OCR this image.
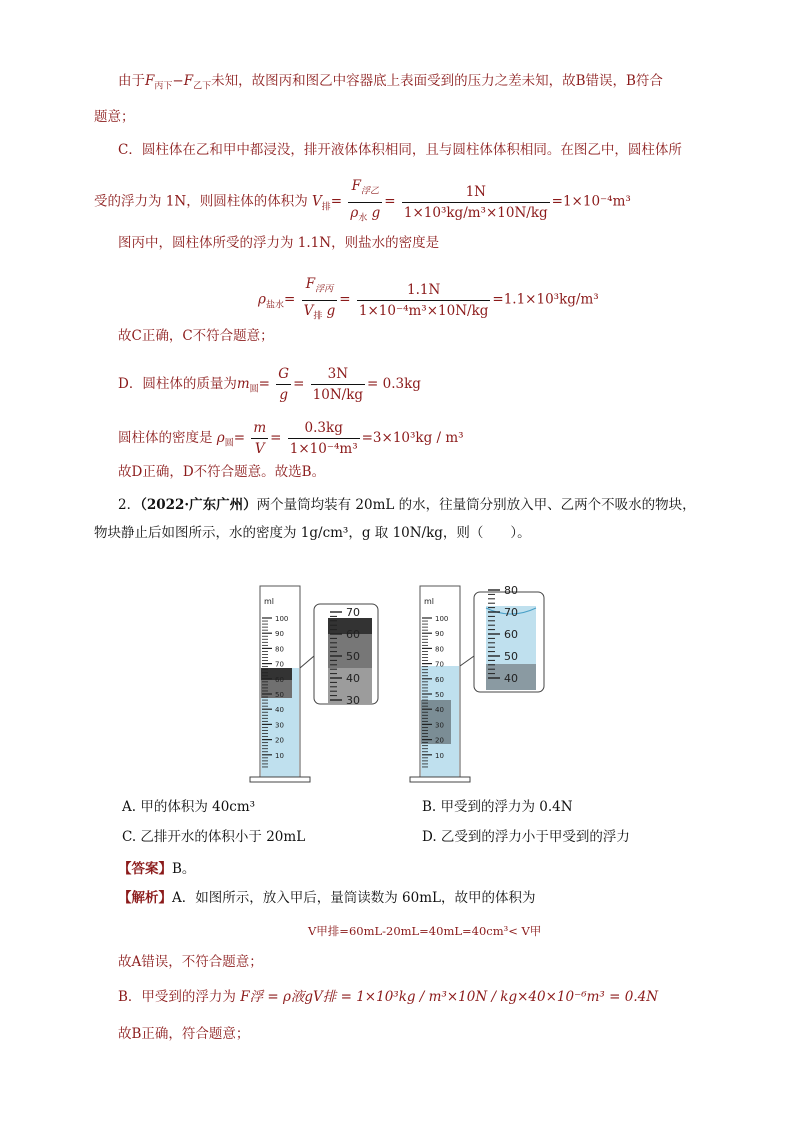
由于$F_{丙下}-F_{乙下}$未知，故图丙和图乙中容器底上表面受到的压力之差未知，故B错误，B符合
题意；
C．圆柱体在乙和甲中都浸没，排开液体体积相同，且与圆柱体体积相同。在图乙中，圆柱体所
受的浮力为 1N，则圆柱体的体积为 $V_排= \frac{F_{浮乙}}{\rho_水 g} = \frac{1N}{\text{1×10³kg/m³×10N/kg}} =1\times 10^{-4}m^3$
图丙中，圆柱体所受的浮力为 1.1N，则盐水的密度是
$\rho_{盐水}= \frac{F_{浮丙}}{V_排 g} = \frac{1.1N}{\text{1×10⁻⁴m³×10N/kg}} =1.1\times 10^3kg/m^3$
故C正确，C不符合题意；
D．圆柱体的质量为$m_圆= \frac{G}{g} = \frac{3N}{10N/kg} = 0.3kg$
圆柱体的密度是 $\rho_圆= \frac{m}{V} = \frac{0.3kg}{\text{1×10⁻⁴m³}} =3\times 10^3kg / m^3$
故D正确，D不符合题意。故选B。
2．（2022·广东广州）两个量筒均装有 20mL 的水，往量筒分别放入甲、乙两个不吸水的物块，
物块静止后如图所示，水的密度为 1g/cm³，g 取 10N/kg，则（　　）。
ml
100
90
80
70
60
50
40
30
20
10
70
60
50
40
30
ml
100
90
80
70
60
50
40
30
20
10
80
70
60
50
40
A. 甲的体积为 40cm³	B. 甲受到的浮力为 0.4N
C. 乙排开水的体积小于 20mL	D. 乙受到的浮力小于甲受到的浮力
【答案】B。
【解析】A．如图所示，放入甲后，量筒读数为 60mL，故甲的体积为
V甲排=60mL-20mL=40mL=40cm³< V甲
故A错误，不符合题意；
B．甲受到的浮力为 F浮 = ρ液gV排 = 1×10³kg / m³×10N / kg×40×10⁻⁶m³ = 0.4N
故B正确，符合题意；
